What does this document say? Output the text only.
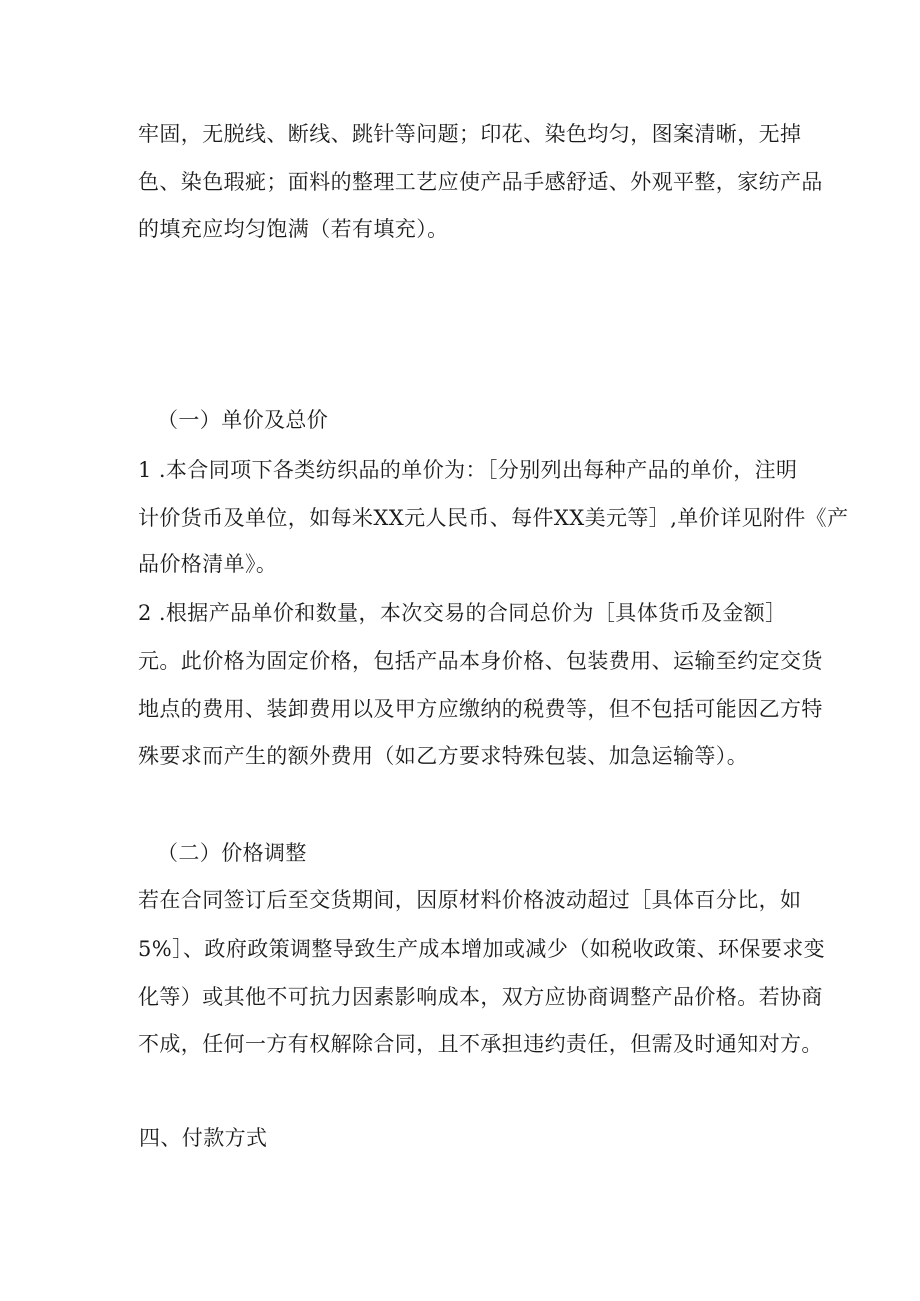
牢固，无脱线、断线、跳针等问题；印花、染色均匀，图案清晰，无掉
色、染色瑕疵；面料的整理工艺应使产品手感舒适、外观平整，家纺产品
的填充应均匀饱满（若有填充）。
（一）单价及总价
1 .本合同项下各类纺织品的单价为：［分别列出每种产品的单价，注明
计价货币及单位，如每米XX元人民币、每件XX美元等］,单价详见附件《产
品价格清单》。
2 .根据产品单价和数量，本次交易的合同总价为［具体货币及金额］
元。此价格为固定价格，包括产品本身价格、包装费用、运输至约定交货
地点的费用、装卸费用以及甲方应缴纳的税费等，但不包括可能因乙方特
殊要求而产生的额外费用（如乙方要求特殊包装、加急运输等）。
（二）价格调整
若在合同签订后至交货期间，因原材料价格波动超过［具体百分比，如
5%］、政府政策调整导致生产成本增加或减少（如税收政策、环保要求变
化等）或其他不可抗力因素影响成本，双方应协商调整产品价格。若协商
不成，任何一方有权解除合同，且不承担违约责任，但需及时通知对方。
四、付款方式
